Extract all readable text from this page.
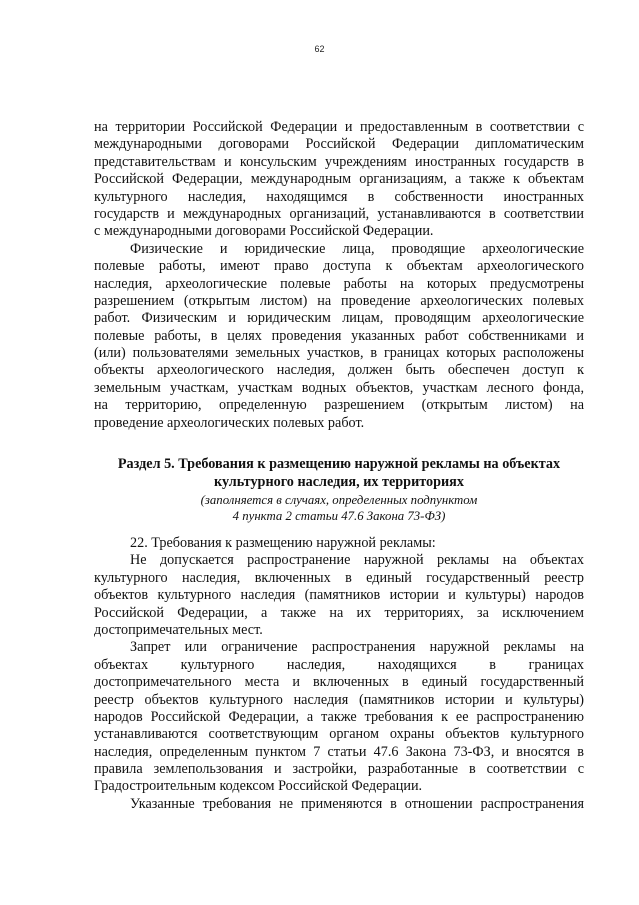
62
на территории Российской Федерации и предоставленным в соответствии с
международными договорами Российской Федерации дипломатическим
представительствам и консульским учреждениям иностранных государств в
Российской Федерации, международным организациям, а также к объектам
культурного наследия, находящимся в собственности иностранных
государств и международных организаций, устанавливаются в соответствии
с международными договорами Российской Федерации.
Физические и юридические лица, проводящие археологические
полевые работы, имеют право доступа к объектам археологического
наследия, археологические полевые работы на которых предусмотрены
разрешением (открытым листом) на проведение археологических полевых
работ. Физическим и юридическим лицам, проводящим археологические
полевые работы, в целях проведения указанных работ собственниками и
(или) пользователями земельных участков, в границах которых расположены
объекты археологического наследия, должен быть обеспечен доступ к
земельным участкам, участкам водных объектов, участкам лесного фонда,
на территорию, определенную разрешением (открытым листом) на
проведение археологических полевых работ.
Раздел 5. Требования к размещению наружной рекламы на объектах
культурного наследия, их территориях
(заполняется в случаях, определенных подпунктом
4 пункта 2 статьи 47.6 Закона 73-ФЗ)
22. Требования к размещению наружной рекламы:
Не допускается распространение наружной рекламы на объектах
культурного наследия, включенных в единый государственный реестр
объектов культурного наследия (памятников истории и культуры) народов
Российской Федерации, а также на их территориях, за исключением
достопримечательных мест.
Запрет или ограничение распространения наружной рекламы на
объектах культурного наследия, находящихся в границах
достопримечательного места и включенных в единый государственный
реестр объектов культурного наследия (памятников истории и культуры)
народов Российской Федерации, а также требования к ее распространению
устанавливаются соответствующим органом охраны объектов культурного
наследия, определенным пунктом 7 статьи 47.6 Закона 73-ФЗ, и вносятся в
правила землепользования и застройки, разработанные в соответствии с
Градостроительным кодексом Российской Федерации.
Указанные требования не применяются в отношении распространения
